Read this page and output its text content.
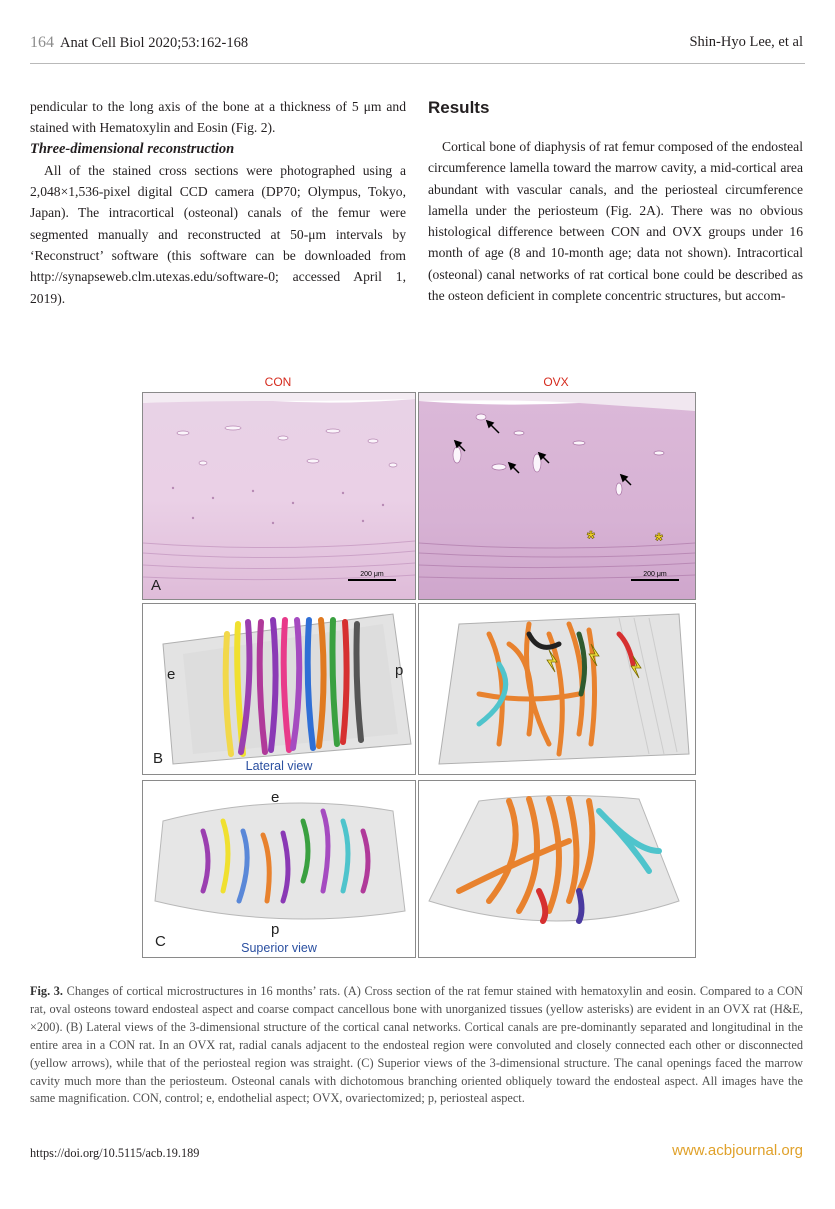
164 Anat Cell Biol 2020;53:162-168	Shin-Hyo Lee, et al

pendicular to the long axis of the bone at a thickness of 5 μm and stained with Hematoxylin and Eosin (Fig. 2).

Three-dimensional reconstruction

All of the stained cross sections were photographed using a 2,048×1,536-pixel digital CCD camera (DP70; Olympus, Tokyo, Japan). The intracortical (osteonal) canals of the femur were segmented manually and reconstructed at 50-μm intervals by ‘Reconstruct’ software (this software can be downloaded from http://synapseweb.clm.utexas.edu/software-0; accessed April 1, 2019).

Results

Cortical bone of diaphysis of rat femur composed of the endosteal circumference lamella toward the marrow cavity, a mid-cortical area abundant with vascular canals, and the periosteal circumference lamella under the periosteum (Fig. 2A). There was no obvious histological difference between CON and OVX groups under 16 month of age (8 and 10-month age; data not shown). Intracortical (osteonal) canal networks of rat cortical bone could be described as the osteon deficient in complete concentric structures, but accom-

CON	OVX
200 μm
A
*	*
200 μm
e	p
B	Lateral view
e
p
C	Superior view
Fig. 3. Changes of cortical microstructures in 16 months’ rats. (A) Cross section of the rat femur stained with hematoxylin and eosin. Compared to a CON rat, oval osteons toward endosteal aspect and coarse compact cancellous bone with unorganized tissues (yellow asterisks) are evident in an OVX rat (H&E, ×200). (B) Lateral views of the 3-dimensional structure of the cortical canal networks. Cortical canals are pre-dominantly separated and longitudinal in the entire area in a CON rat. In an OVX rat, radial canals adjacent to the endosteal region were convoluted and closely connected each other or disconnected (yellow arrows), while that of the periosteal region was straight. (C) Superior views of the 3-dimensional structure. The canal openings faced the marrow cavity much more than the periosteum. Osteonal canals with dichotomous branching oriented obliquely toward the endosteal aspect. All images have the same magnification. CON, control; e, endothelial aspect; OVX, ovariectomized; p, periosteal aspect.
https://doi.org/10.5115/acb.19.189	www.acbjournal.org
